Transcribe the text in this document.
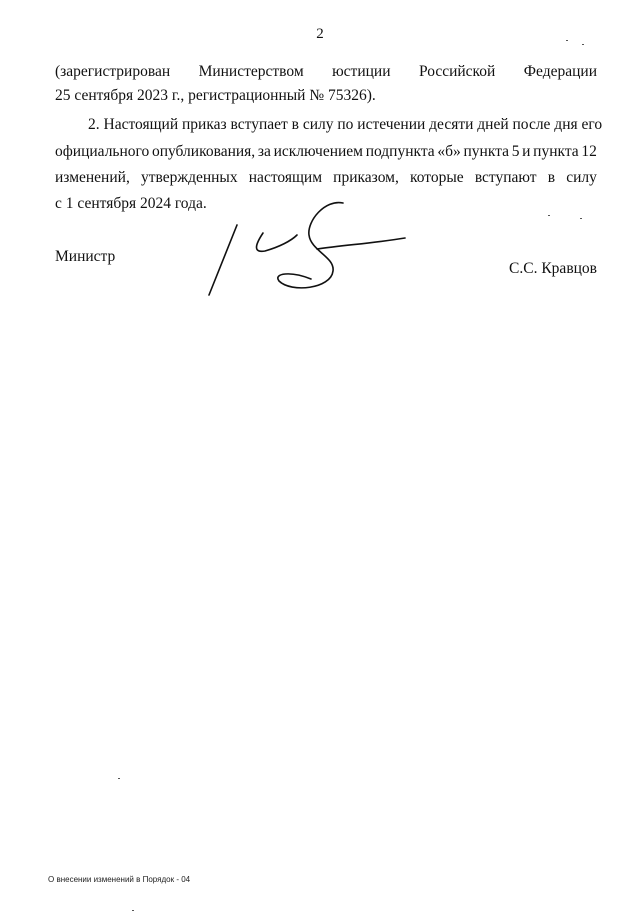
2
(зарегистрирован Министерством юстиции Российской Федерации
25 сентября 2023 г., регистрационный № 75326).
2. Настоящий приказ вступает в силу по истечении десяти дней после дня его
официального опубликования, за исключением подпункта «б» пункта 5 и пункта 12
изменений, утвержденных настоящим приказом, которые вступают в силу
с 1 сентября 2024 года.
Министр
С.С. Кравцов
О внесении изменений в Порядок - 04
